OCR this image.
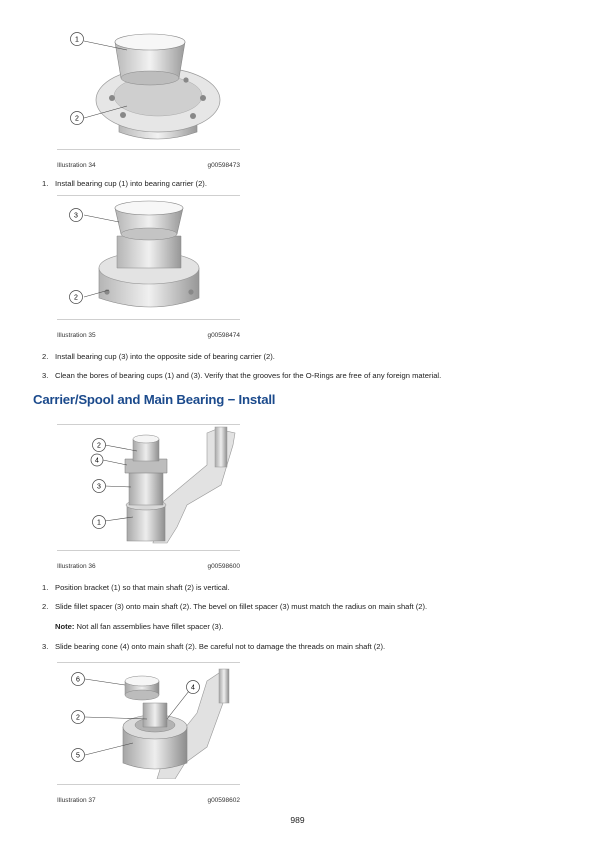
1
2
Illustration 34	g00598473
1. Install bearing cup (1) into bearing carrier (2).
3
2
Illustration 35	g00598474
2. Install bearing cup (3) into the opposite side of bearing carrier (2).
3. Clean the bores of bearing cups (1) and (3). Verify that the grooves for the O-Rings are free of any foreign material.
Carrier/Spool and Main Bearing − Install
2
4
3
1
Illustration 36	g00598600
1. Position bracket (1) so that main shaft (2) is vertical.
2. Slide fillet spacer (3) onto main shaft (2). The bevel on fillet spacer (3) must match the radius on main shaft (2).
Note: Not all fan assemblies have fillet spacer (3).
3. Slide bearing cone (4) onto main shaft (2). Be careful not to damage the threads on main shaft (2).
6
4
2
5
Illustration 37	g00598602
989
